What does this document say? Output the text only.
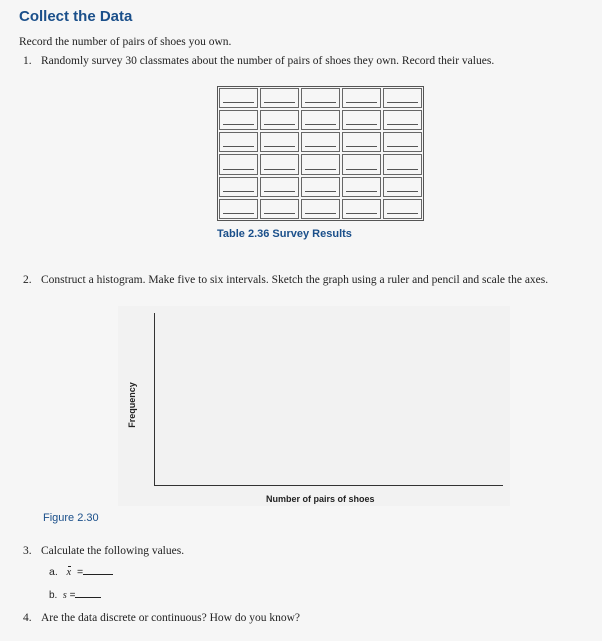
Collect the Data
Record the number of pairs of shoes you own.
1. Randomly survey 30 classmates about the number of pairs of shoes they own. Record their values.
Table 2.36 Survey Results
2. Construct a histogram. Make five to six intervals. Sketch the graph using a ruler and pencil and scale the axes.
Frequency
Number of pairs of shoes
Figure 2.30
3. Calculate the following values.
a. x =
b. s =
4. Are the data discrete or continuous? How do you know?
